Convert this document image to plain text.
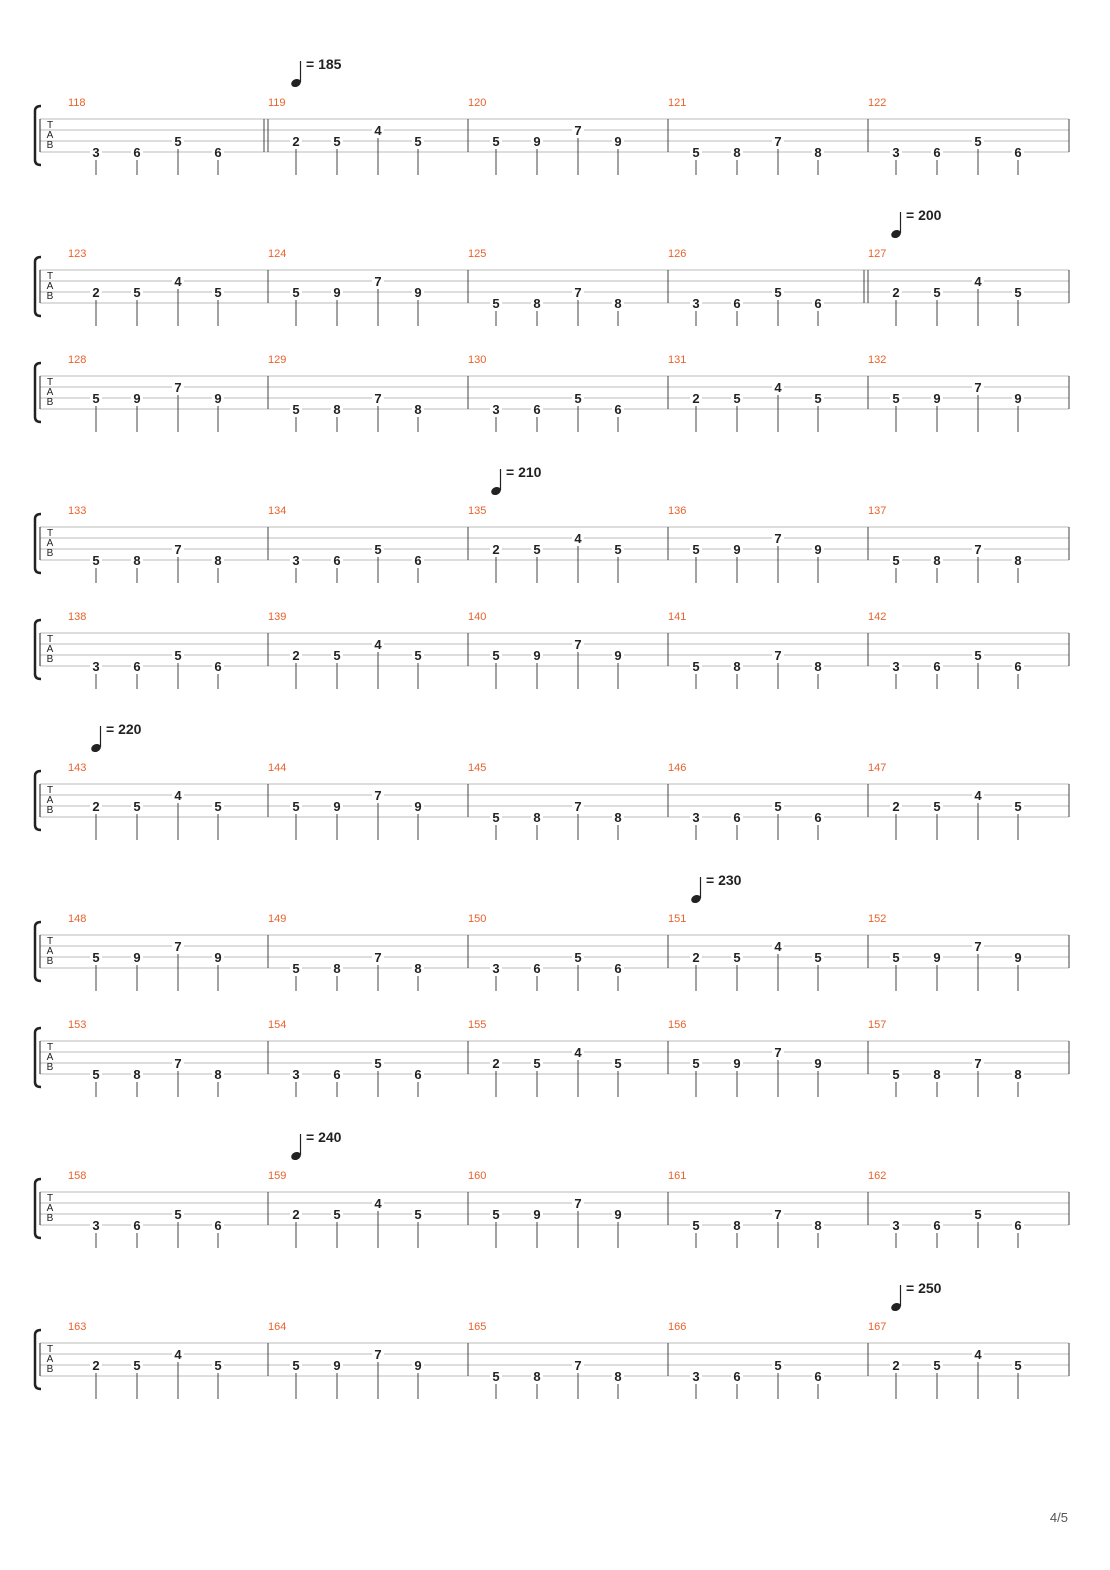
T
A
B
118
3	6
5
6
119
2	5
4
5
= 185
120
5	9
7
9
121
5	8
7
8
122
3	6
5
6
T
A
B
123
2	5
4
5
124
5	9
7
9
125
5	8
7
8
126
3	6
5
6
127
2	5
4
5
= 200
T
A
B
128
5	9
7
9
129
5	8
7
8
130
3	6
5
6
131
2	5
4
5
132
5	9
7
9
T
A
B
133
5	8
7
8
134
3	6
5
6
135
2	5
4
5
= 210
136
5	9
7
9
137
5	8
7
8
T
A
B
138
3	6
5
6
139
2	5
4
5
140
5	9
7
9
141
5	8
7
8
142
3	6
5
6
T
A
B
143
2	5
4
5
= 220
144
5	9
7
9
145
5	8
7
8
146
3	6
5
6
147
2	5
4
5
T
A
B
148
5	9
7
9
149
5	8
7
8
150
3	6
5
6
151
2	5
4
5
= 230
152
5	9
7
9
T
A
B
153
5	8
7
8
154
3	6
5
6
155
2	5
4
5
156
5	9
7
9
157
5	8
7
8
T
A
B
158
3	6
5
6
159
2	5
4
5
= 240
160
5	9
7
9
161
5	8
7
8
162
3	6
5
6
T
A
B
163
2	5
4
5
164
5	9
7
9
165
5	8
7
8
166
3	6
5
6
167
2	5
4
5
= 250
4/5
